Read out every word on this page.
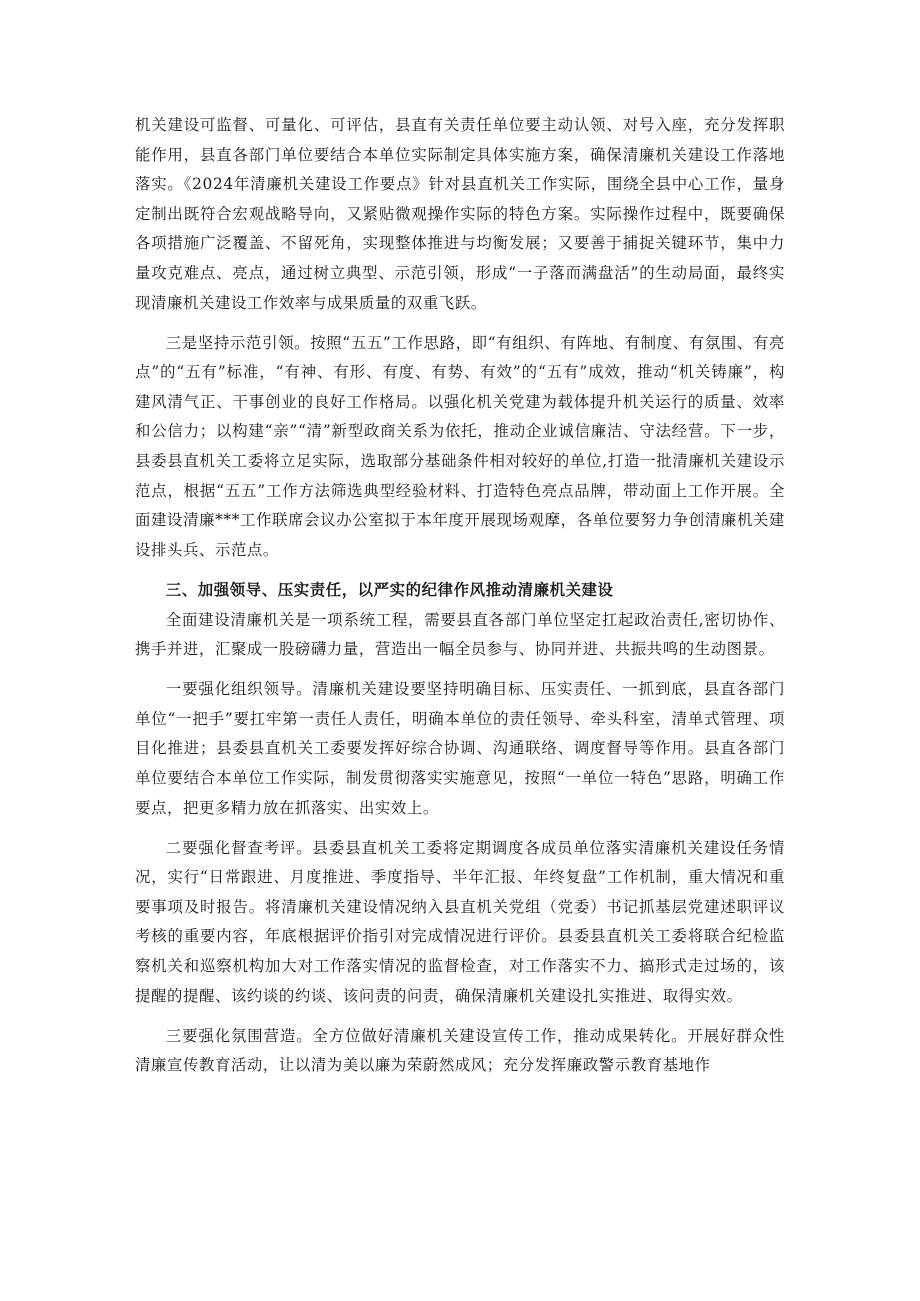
机关建设可监督、可量化、可评估，县直有关责任单位要主动认领、对号入座，充分发挥职能作用，县直各部门单位要结合本单位实际制定具体实施方案，确保清廉机关建设工作落地落实。《2024年清廉机关建设工作要点》针对县直机关工作实际，围绕全县中心工作，量身定制出既符合宏观战略导向，又紧贴微观操作实际的特色方案。实际操作过程中，既要确保各项措施广泛覆盖、不留死角，实现整体推进与均衡发展；又要善于捕捉关键环节，集中力量攻克难点、亮点，通过树立典型、示范引领，形成“一子落而满盘活”的生动局面，最终实现清廉机关建设工作效率与成果质量的双重飞跃。

三是坚持示范引领。按照“五五”工作思路，即“有组织、有阵地、有制度、有氛围、有亮点”的“五有”标准，“有神、有形、有度、有势、有效”的“五有”成效，推动“机关铸廉”，构建风清气正、干事创业的良好工作格局。以强化机关党建为载体提升机关运行的质量、效率和公信力；以构建“亲”“清”新型政商关系为依托，推动企业诚信廉洁、守法经营。下一步，县委县直机关工委将立足实际，选取部分基础条件相对较好的单位,打造一批清廉机关建设示范点，根据“五五”工作方法筛选典型经验材料、打造特色亮点品牌，带动面上工作开展。全面建设清廉***工作联席会议办公室拟于本年度开展现场观摩，各单位要努力争创清廉机关建设排头兵、示范点。

三、加强领导、压实责任，以严实的纪律作风推动清廉机关建设

全面建设清廉机关是一项系统工程，需要县直各部门单位坚定扛起政治责任,密切协作、携手并进，汇聚成一股磅礴力量，营造出一幅全员参与、协同并进、共振共鸣的生动图景。

一要强化组织领导。清廉机关建设要坚持明确目标、压实责任、一抓到底，县直各部门单位“一把手”要扛牢第一责任人责任，明确本单位的责任领导、牵头科室，清单式管理、项目化推进；县委县直机关工委要发挥好综合协调、沟通联络、调度督导等作用。县直各部门单位要结合本单位工作实际，制发贯彻落实实施意见，按照“一单位一特色”思路，明确工作要点，把更多精力放在抓落实、出实效上。

二要强化督查考评。县委县直机关工委将定期调度各成员单位落实清廉机关建设任务情况，实行“日常跟进、月度推进、季度指导、半年汇报、年终复盘”工作机制，重大情况和重要事项及时报告。将清廉机关建设情况纳入县直机关党组（党委）书记抓基层党建述职评议考核的重要内容，年底根据评价指引对完成情况进行评价。县委县直机关工委将联合纪检监察机关和巡察机构加大对工作落实情况的监督检查，对工作落实不力、搞形式走过场的，该提醒的提醒、该约谈的约谈、该问责的问责，确保清廉机关建设扎实推进、取得实效。

三要强化氛围营造。全方位做好清廉机关建设宣传工作，推动成果转化。开展好群众性清廉宣传教育活动，让以清为美以廉为荣蔚然成风；充分发挥廉政警示教育基地作
